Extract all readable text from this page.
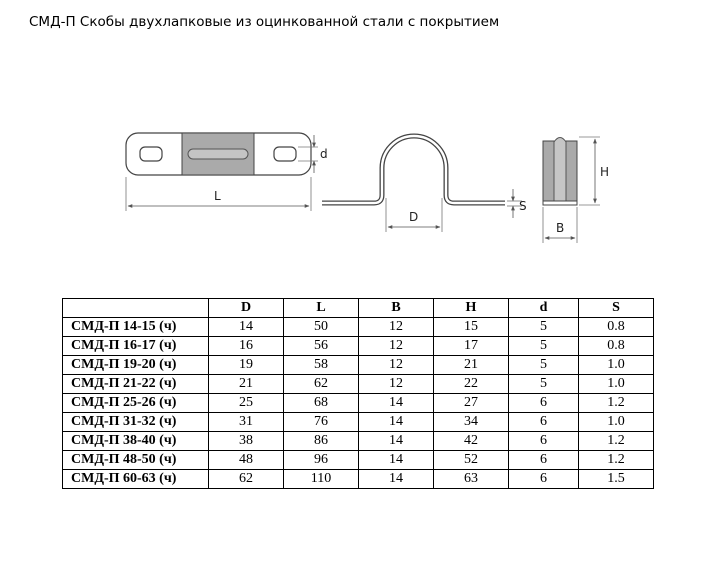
СМД-П Скобы двухлапковые из оцинкованной стали с покрытием
d
L
S
D
H
B
	D	L	B	H	d	S
СМД-П 14-15 (ч)	14	50	12	15	5	0.8
СМД-П 16-17 (ч)	16	56	12	17	5	0.8
СМД-П 19-20 (ч)	19	58	12	21	5	1.0
СМД-П 21-22 (ч)	21	62	12	22	5	1.0
СМД-П 25-26 (ч)	25	68	14	27	6	1.2
СМД-П 31-32 (ч)	31	76	14	34	6	1.0
СМД-П 38-40 (ч)	38	86	14	42	6	1.2
СМД-П 48-50 (ч)	48	96	14	52	6	1.2
СМД-П 60-63 (ч)	62	110	14	63	6	1.5
